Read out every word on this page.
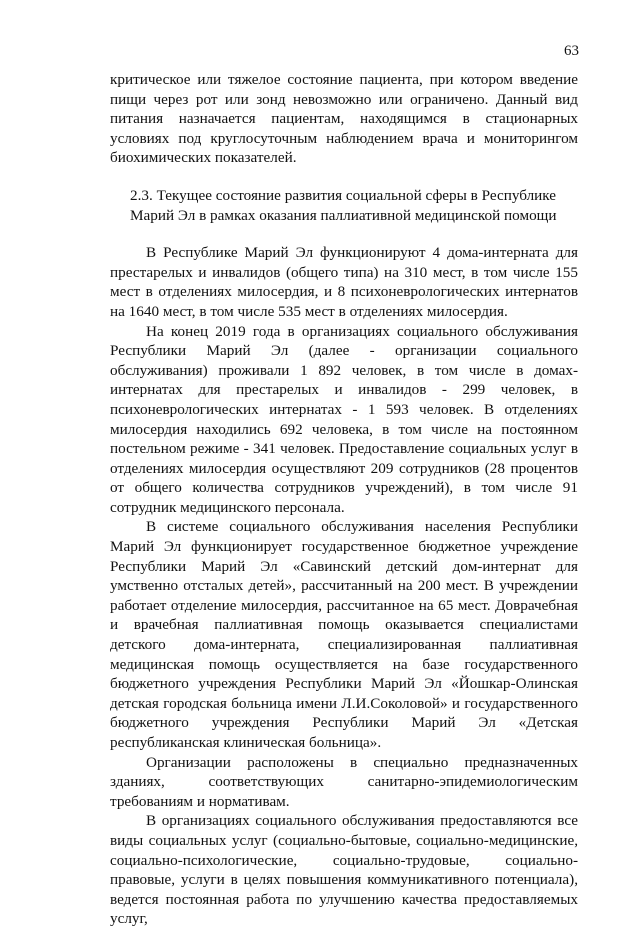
63

критическое или тяжелое состояние пациента, при котором введение пищи через рот или зонд невозможно или ограничено. Данный вид питания назначается пациентам, находящимся в стационарных условиях под круглосуточным наблюдением врача и мониторингом биохимических показателей.

2.3. Текущее состояние развития социальной сферы в Республике Марий Эл в рамках оказания паллиативной медицинской помощи

В Республике Марий Эл функционируют 4 дома-интерната для престарелых и инвалидов (общего типа) на 310 мест, в том числе 155 мест в отделениях милосердия, и 8 психоневрологических интернатов на 1640 мест, в том числе 535 мест в отделениях милосердия.

На конец 2019 года в организациях социального обслуживания Республики Марий Эл (далее - организации социального обслуживания) проживали 1 892 человек, в том числе в домах-интернатах для престарелых и инвалидов - 299 человек, в психоневрологических интернатах - 1 593 человек. В отделениях милосердия находились 692 человека, в том числе на постоянном постельном режиме - 341 человек. Предоставление социальных услуг в отделениях милосердия осуществляют 209 сотрудников (28 процентов от общего количества сотрудников учреждений), в том числе 91 сотрудник медицинского персонала.

В системе социального обслуживания населения Республики Марий Эл функционирует государственное бюджетное учреждение Республики Марий Эл «Савинский детский дом-интернат для умственно отсталых детей», рассчитанный на 200 мест. В учреждении работает отделение милосердия, рассчитанное на 65 мест. Доврачебная и врачебная паллиативная помощь оказывается специалистами детского дома-интерната, специализированная паллиативная медицинская помощь осуществляется на базе государственного бюджетного учреждения Республики Марий Эл «Йошкар-Олинская детская городская больница имени Л.И.Соколовой» и государственного бюджетного учреждения Республики Марий Эл «Детская республиканская клиническая больница».

Организации расположены в специально предназначенных зданиях, соответствующих санитарно-эпидемиологическим требованиям и нормативам.

В организациях социального обслуживания предоставляются все виды социальных услуг (социально-бытовые, социально-медицинские, социально-психологические, социально-трудовые, социально-правовые, услуги в целях повышения коммуникативного потенциала), ведется постоянная работа по улучшению качества предоставляемых услуг,
